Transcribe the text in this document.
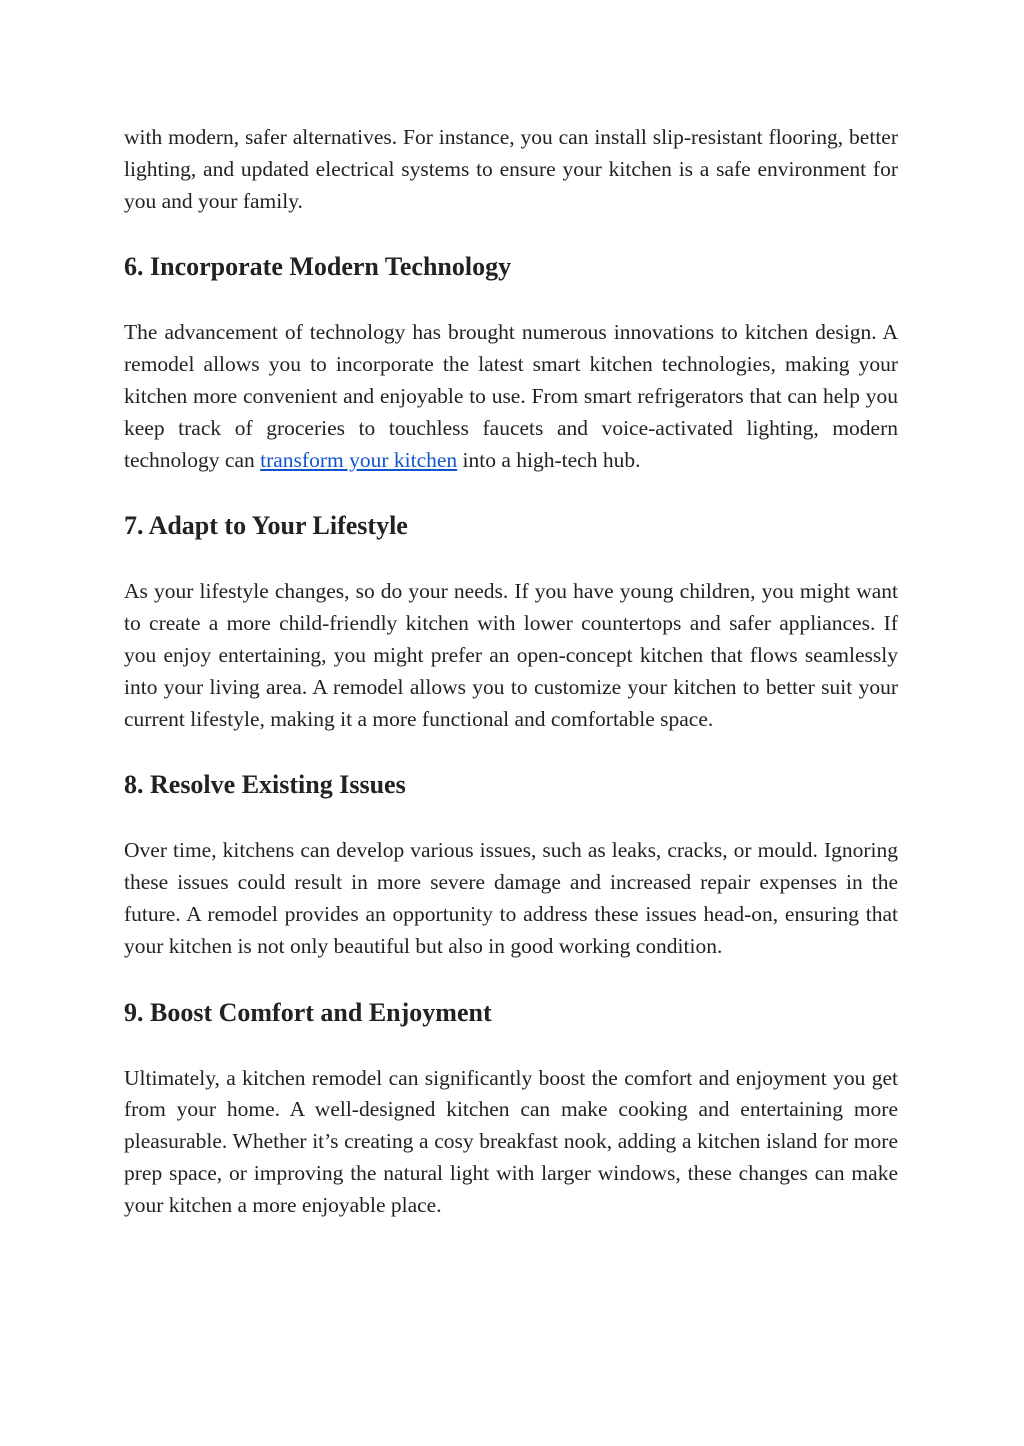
with modern, safer alternatives. For instance, you can install slip-resistant flooring, better lighting, and updated electrical systems to ensure your kitchen is a safe environment for you and your family.

6. Incorporate Modern Technology

The advancement of technology has brought numerous innovations to kitchen design. A remodel allows you to incorporate the latest smart kitchen technologies, making your kitchen more convenient and enjoyable to use. From smart refrigerators that can help you keep track of groceries to touchless faucets and voice-activated lighting, modern technology can transform your kitchen into a high-tech hub.

7. Adapt to Your Lifestyle

As your lifestyle changes, so do your needs. If you have young children, you might want to create a more child-friendly kitchen with lower countertops and safer appliances. If you enjoy entertaining, you might prefer an open-concept kitchen that flows seamlessly into your living area. A remodel allows you to customize your kitchen to better suit your current lifestyle, making it a more functional and comfortable space.

8. Resolve Existing Issues

Over time, kitchens can develop various issues, such as leaks, cracks, or mould. Ignoring these issues could result in more severe damage and increased repair expenses in the future. A remodel provides an opportunity to address these issues head-on, ensuring that your kitchen is not only beautiful but also in good working condition.

9. Boost Comfort and Enjoyment

Ultimately, a kitchen remodel can significantly boost the comfort and enjoyment you get from your home. A well-designed kitchen can make cooking and entertaining more pleasurable. Whether it’s creating a cosy breakfast nook, adding a kitchen island for more prep space, or improving the natural light with larger windows, these changes can make your kitchen a more enjoyable place.
